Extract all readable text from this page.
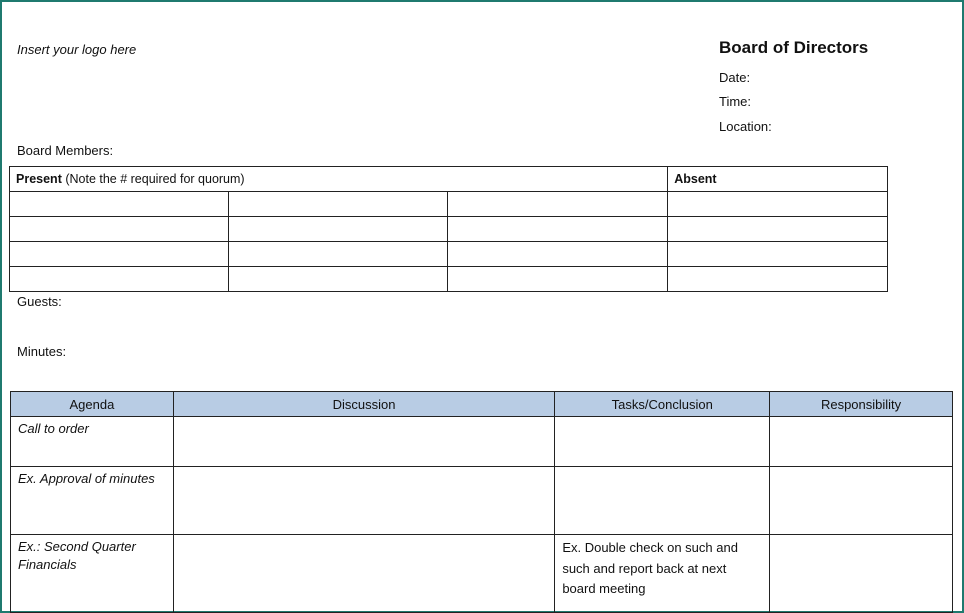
Insert your logo here	Board of Directors
Date:
Time:
Location:
Board Members:
Present (Note the # required for quorum)			Absent

Guests:
Minutes:
Agenda	Discussion	Tasks/Conclusion	Responsibility
Call to order			
Ex. Approval of minutes			
Ex.: Second Quarter Financials		Ex. Double check on such and such and report back at next board meeting	
